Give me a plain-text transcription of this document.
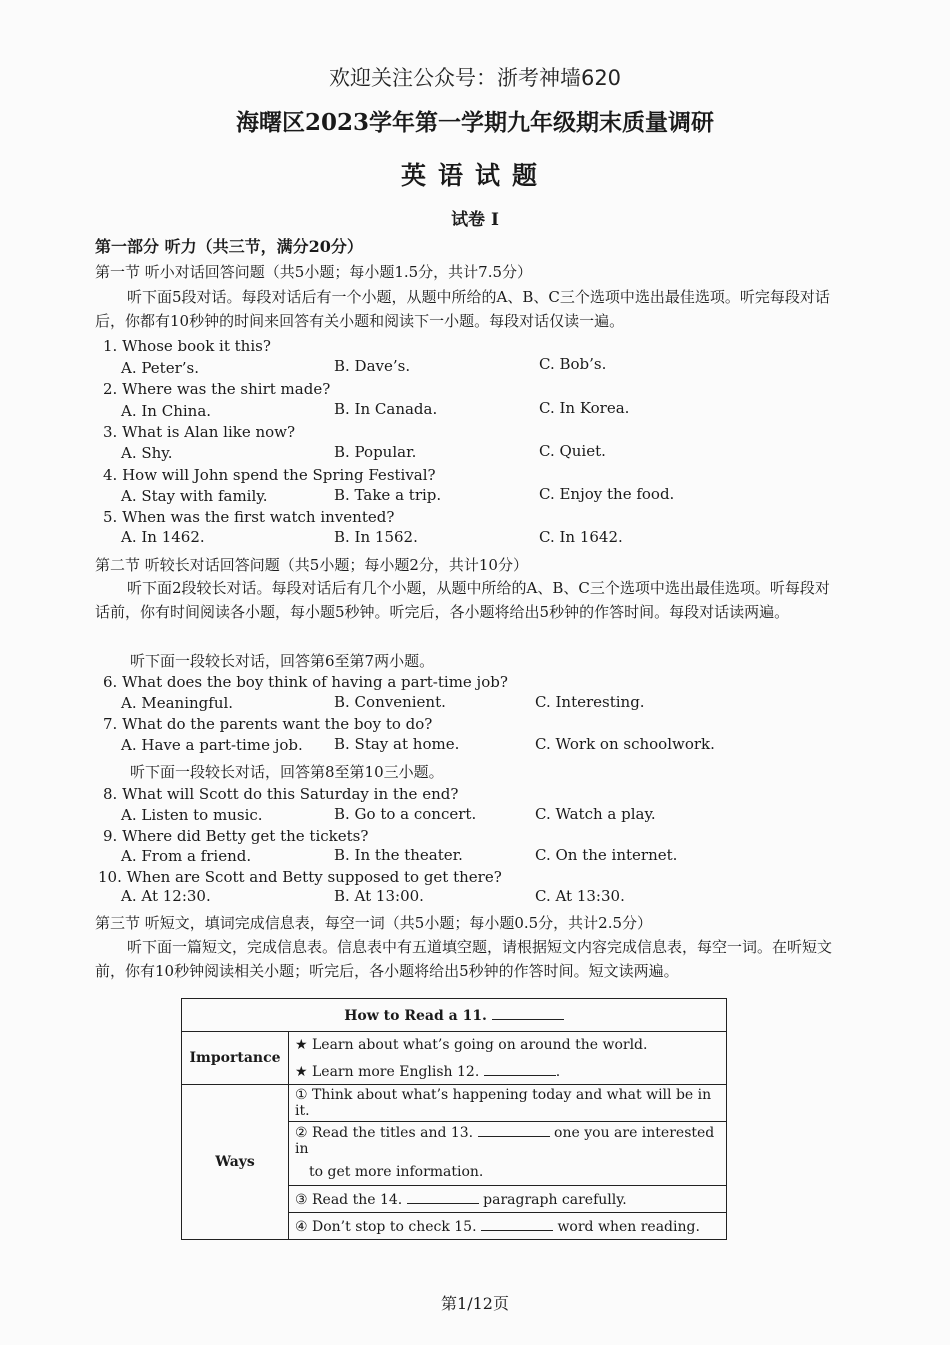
欢迎关注公众号：浙考神墙620
海曙区2023学年第一学期九年级期末质量调研
英语试题
试卷 I
第一部分 听力（共三节，满分20分）
第一节 听小对话回答问题（共5小题；每小题1.5分，共计7.5分）
听下面5段对话。每段对话后有一个小题，从题中所给的A、B、C三个选项中选出最佳选项。听完每段对话后，你都有10秒钟的时间来回答有关小题和阅读下一小题。每段对话仅读一遍。
1. Whose book it this?
A. Peter’s.	B. Dave’s.	C. Bob’s.
2. Where was the shirt made?
A. In China.	B. In Canada.	C. In Korea.
3. What is Alan like now?
A. Shy.	B. Popular.	C. Quiet.
4. How will John spend the Spring Festival?
A. Stay with family.	B. Take a trip.	C. Enjoy the food.
5. When was the first watch invented?
A. In 1462.	B. In 1562.	C. In 1642.
第二节 听较长对话回答问题（共5小题；每小题2分，共计10分）
听下面2段较长对话。每段对话后有几个小题，从题中所给的A、B、C三个选项中选出最佳选项。听每段对话前，你有时间阅读各小题，每小题5秒钟。听完后，各小题将给出5秒钟的作答时间。每段对话读两遍。
听下面一段较长对话，回答第6至第7两小题。
6. What does the boy think of having a part-time job?
A. Meaningful.	B. Convenient.	C. Interesting.
7. What do the parents want the boy to do?
A. Have a part-time job. B. Stay at home.	C. Work on schoolwork.
听下面一段较长对话，回答第8至第10三小题。
8. What will Scott do this Saturday in the end?
A. Listen to music.	B. Go to a concert.	C. Watch a play.
9. Where did Betty get the tickets?
A. From a friend.	B. In the theater.	C. On the internet.
10. When are Scott and Betty supposed to get there?
A. At 12:30.	B. At 13:00.	C. At 13:30.
第三节 听短文，填词完成信息表，每空一词（共5小题；每小题0.5分，共计2.5分）
听下面一篇短文，完成信息表。信息表中有五道填空题，请根据短文内容完成信息表，每空一词。在听短文前，你有10秒钟阅读相关小题；听完后，各小题将给出5秒钟的作答时间。短文读两遍。
How to Read a 11.	
Importance	★ Learn about what’s going on around the world.
	★ Learn more English 12. .
Ways	① Think about what’s happening today and what will be in it.
	② Read the titles and 13. one you are interested in
	to get more information.
	③ Read the 14. paragraph carefully.
	④ Don’t stop to check 15. word when reading.
第1/12页
